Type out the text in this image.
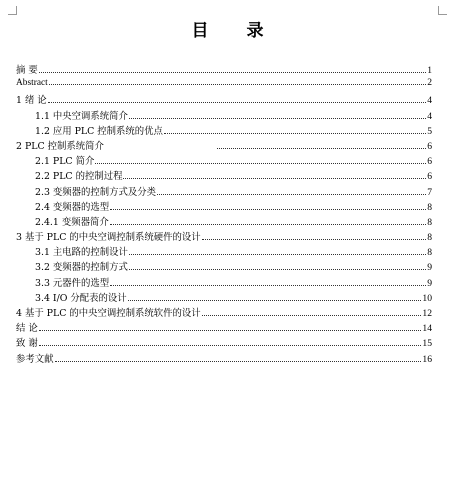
目 录
摘 要	1
Abstract	2
1 绪 论	4
1.1 中央空调系统简介	4
1.2 应用 PLC 控制系统的优点	5
2 PLC 控制系统简介	6
2.1 PLC 简介	6
2.2 PLC 的控制过程	6
2.3 变频器的控制方式及分类	7
2.4 变频器的选型	8
2.4.1 变频器简介	8
3 基于 PLC 的中央空调控制系统硬件的设计	8
3.1 主电路的控制设计	8
3.2 变频器的控制方式	9
3.3 元器件的选型	9
3.4 I/O 分配表的设计	10
4 基于 PLC 的中央空调控制系统软件的设计	12
结 论	14
致 谢	15
参考文献	16
